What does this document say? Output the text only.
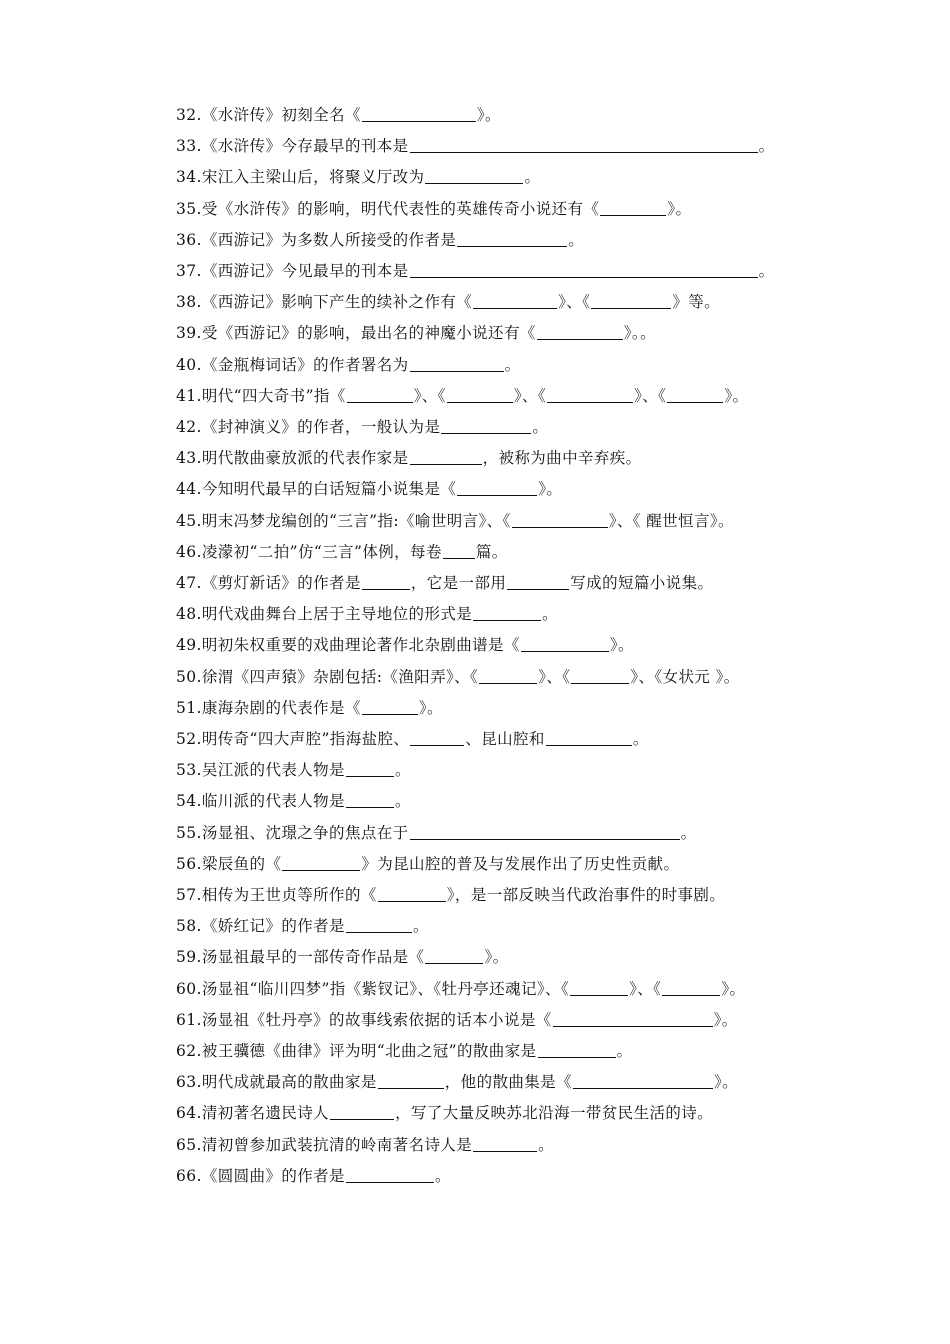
32.《水浒传》初刻全名《	》。
33.《水浒传》今存最早的刊本是	。
34.宋江入主梁山后，将聚义厅改为	。
35.受《水浒传》的影响，明代代表性的英雄传奇小说还有《	》。
36.《西游记》为多数人所接受的作者是	。
37.《西游记》今见最早的刊本是	。
38.《西游记》影响下产生的续补之作有《	》、《	》等。
39.受《西游记》的影响，最出名的神魔小说还有《	》。。
40.《金瓶梅词话》的作者署名为	。
41.明代“四大奇书”指《	》、《	》、《	》、《	》。
42.《封神演义》的作者，一般认为是	。
43.明代散曲豪放派的代表作家是	，被称为曲中辛弃疾。
44.今知明代最早的白话短篇小说集是《	》。
45.明末冯梦龙编创的“三言”指:《喻世明言》、《	》、《 醒世恒言》。
46.凌濛初“二拍”仿“三言”体例，每卷 篇。
47.《剪灯新话》的作者是	，它是一部用	写成的短篇小说集。
48.明代戏曲舞台上居于主导地位的形式是	。
49.明初朱权重要的戏曲理论著作北杂剧曲谱是《	》。
50.徐渭《四声猿》杂剧包括:《渔阳弄》、《	》、《	》、《女状元 》。
51.康海杂剧的代表作是《	》。
52.明传奇“四大声腔”指海盐腔、	、昆山腔和	。
53.吴江派的代表人物是	。
54.临川派的代表人物是	。
55.汤显祖、沈璟之争的焦点在于	。
56.梁辰鱼的《	》为昆山腔的普及与发展作出了历史性贡献。
57.相传为王世贞等所作的《	》，是一部反映当代政治事件的时事剧。
58.《娇红记》的作者是	。
59.汤显祖最早的一部传奇作品是《	》。
60.汤显祖“临川四梦”指《紫钗记》、《牡丹亭还魂记》、《	》、《	》。
61.汤显祖《牡丹亭》的故事线索依据的话本小说是《	》。
62.被王骥德《曲律》评为明“北曲之冠”的散曲家是	。
63.明代成就最高的散曲家是	，他的散曲集是《	》。
64.清初著名遗民诗人	，写了大量反映苏北沿海一带贫民生活的诗。
65.清初曾参加武装抗清的岭南著名诗人是	。
66.《圆圆曲》的作者是	。
